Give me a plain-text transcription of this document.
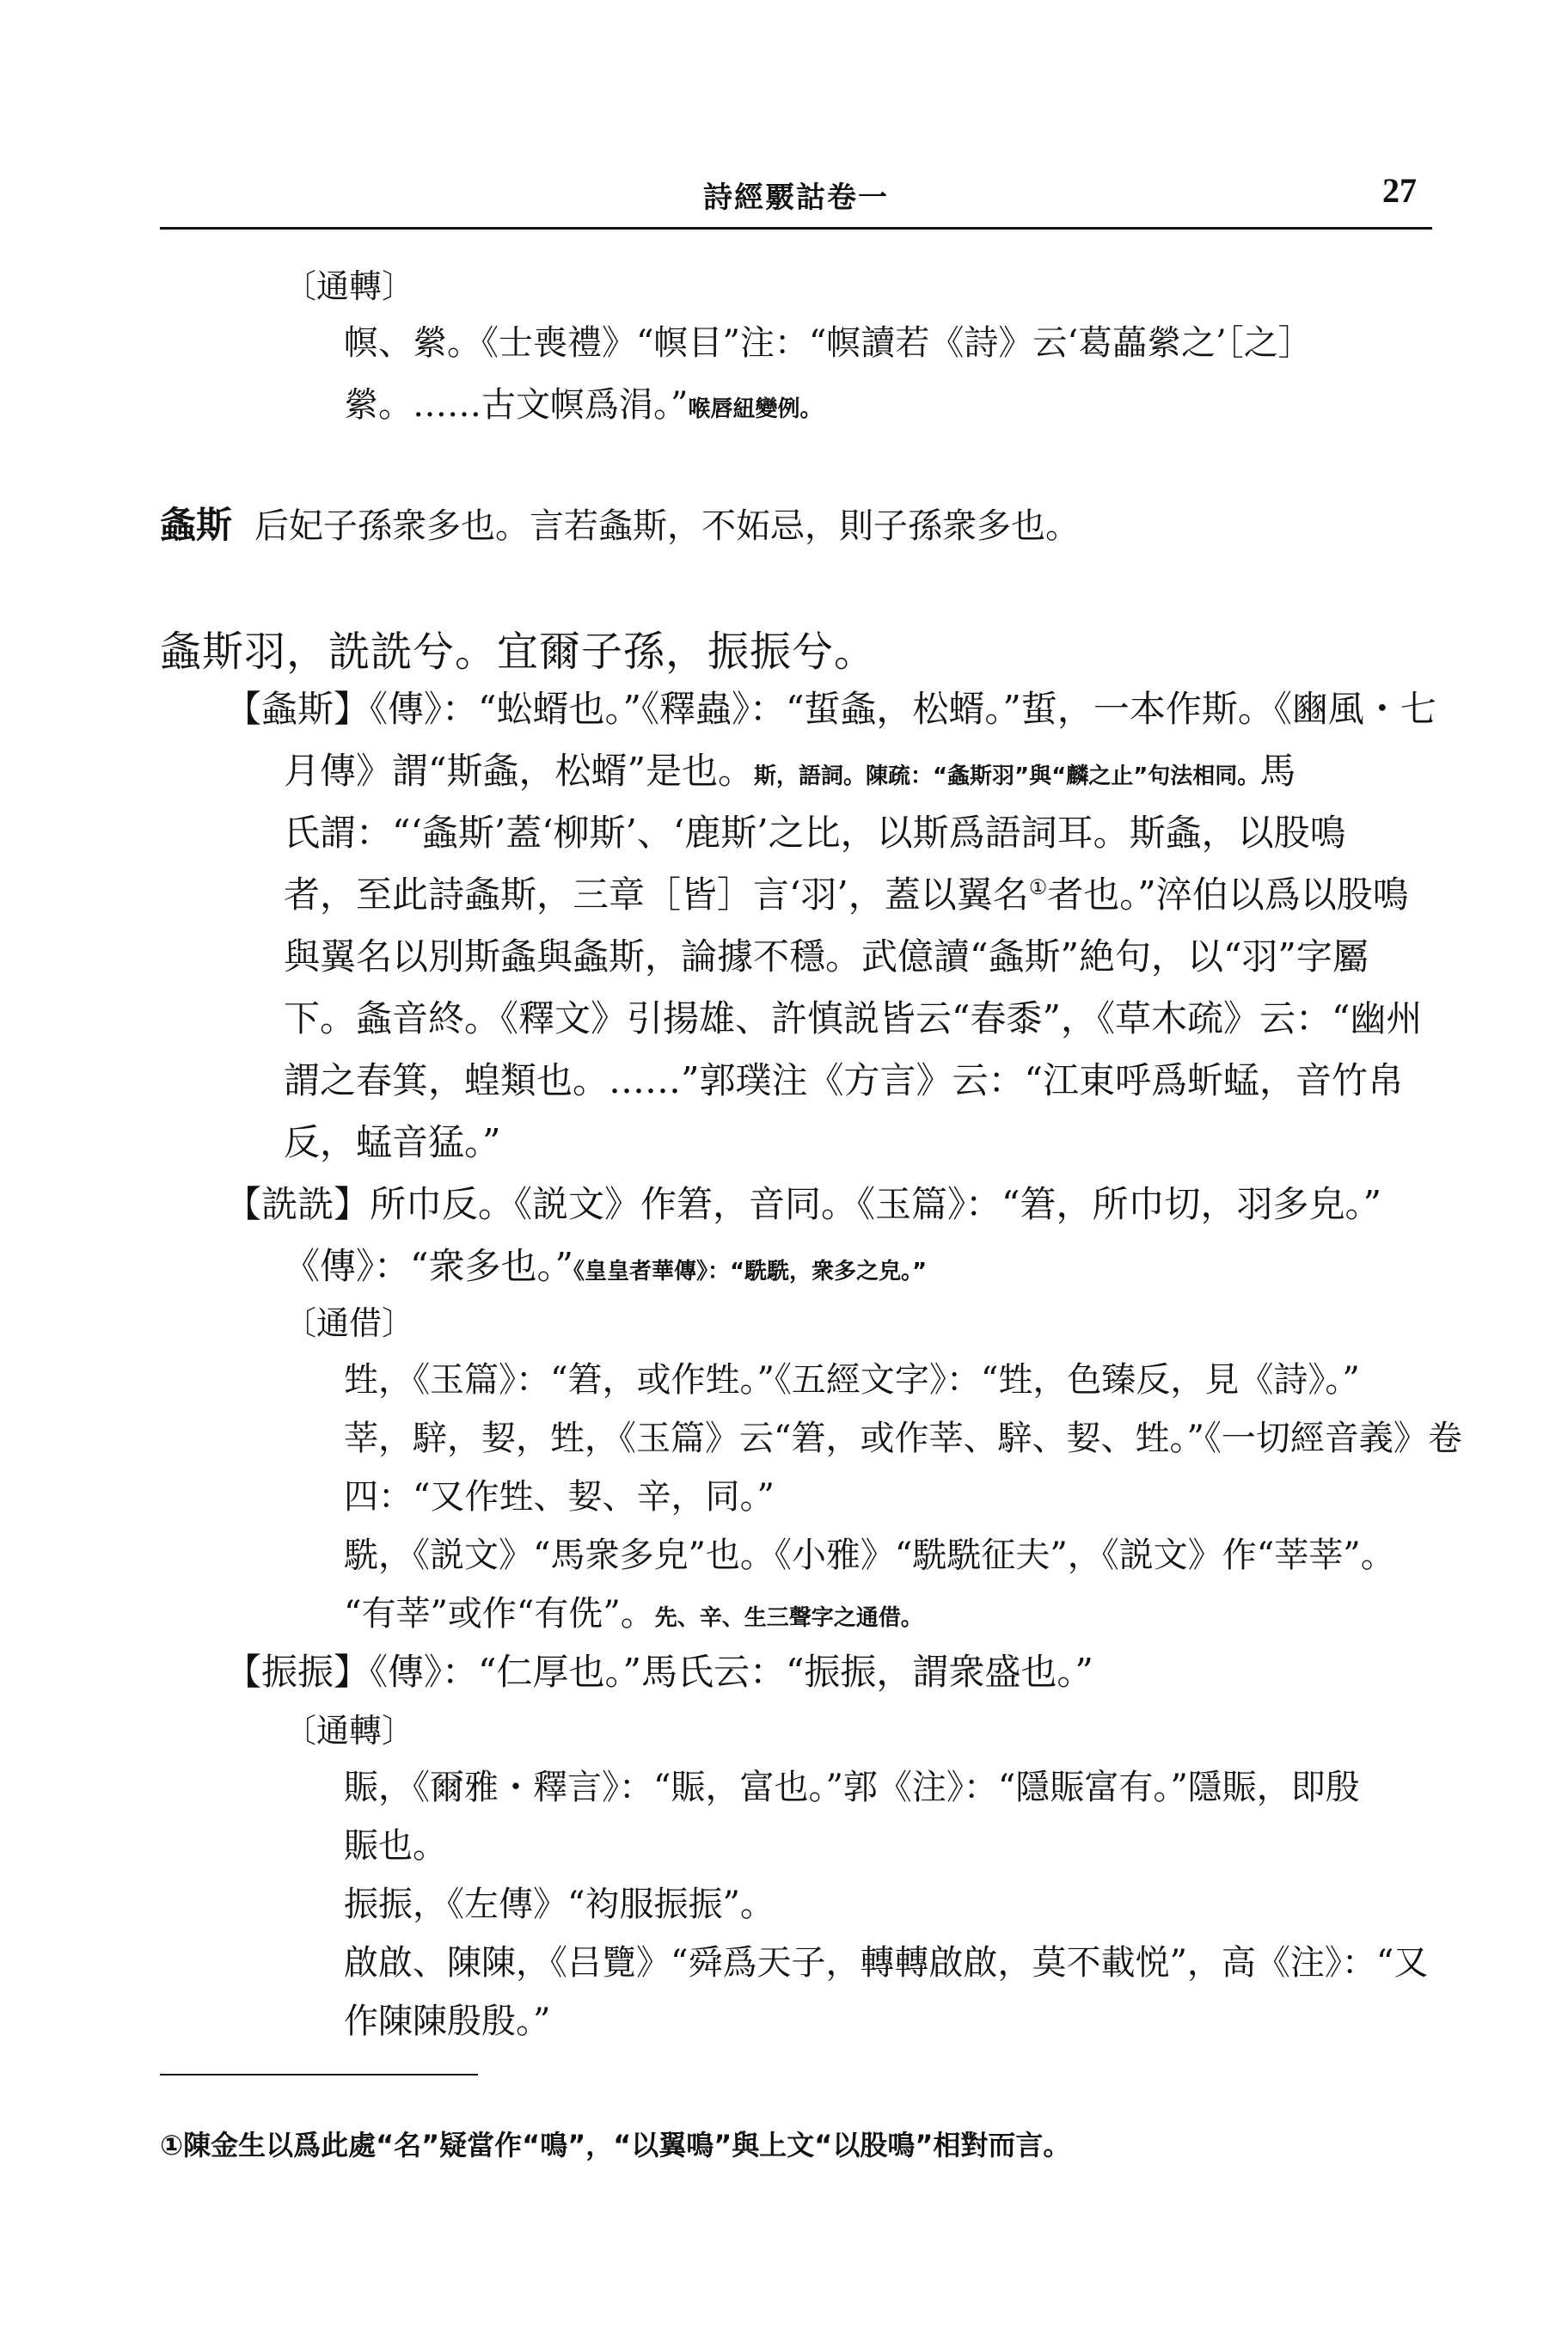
詩經覈詁卷一	27
〔通轉〕
幎、縈。《士喪禮》“幎目”注：“幎讀若《詩》云‘葛藟縈之’［之］
縈。……古文幎爲涓。”喉唇紐變例。
螽斯 后妃子孫衆多也。言若螽斯，不妬忌，則子孫衆多也。
螽斯羽，詵詵兮。宜爾子孫，振振兮。
【螽斯】《傳》：“蚣蝑也。”《釋蟲》：“蜇螽，松蝑。”蜇，一本作斯。《豳風・七
月傳》謂“斯螽，松蝑”是也。斯，語詞。陳疏：“螽斯羽”與“麟之止”句法相同。馬
氏謂：“‘螽斯’蓋‘柳斯’、‘鹿斯’之比，以斯爲語詞耳。斯螽，以股鳴
者，至此詩螽斯，三章［皆］言‘羽’，蓋以翼名①者也。”淬伯以爲以股鳴
與翼名以別斯螽與螽斯，論據不穩。武億讀“螽斯”絶句，以“羽”字屬
下。螽音終。《釋文》引揚雄、許慎説皆云“春黍”，《草木疏》云：“幽州
謂之春箕，蝗類也。……”郭璞注《方言》云：“江東呼爲蚚蜢，音竹帛
反，蜢音猛。”
【詵詵】所巾反。《説文》作䇹，音同。《玉篇》：“䇹，所巾切，羽多皃。”
《傳》：“衆多也。”《皇皇者華傳》：“駪駪，衆多之皃。”
〔通借〕
甡，《玉篇》：“䇹，或作甡。”《五經文字》：“甡，色臻反，見《詩》。”
莘，騂，㛃，甡，《玉篇》云“䇹，或作莘、騂、㛃、甡。”《一切經音義》卷
四：“又作甡、㛃、辛，同。”
駪，《説文》“馬衆多皃”也。《小雅》“駪駪征夫”，《説文》作“莘莘”。
“有莘”或作“有侁”。先、辛、生三聲字之通借。
【振振】《傳》：“仁厚也。”馬氏云：“振振，謂衆盛也。”
〔通轉〕
賑，《爾雅・釋言》：“賑，富也。”郭《注》：“隱賑富有。”隱賑，即殷
賑也。
振振，《左傳》“袀服振振”。
啟啟、陳陳，《吕覽》“舜爲天子，轉轉啟啟，莫不載悦”，高《注》：“又
作陳陳殷殷。”
①陳金生以爲此處“名”疑當作“鳴”，“以翼鳴”與上文“以股鳴”相對而言。
